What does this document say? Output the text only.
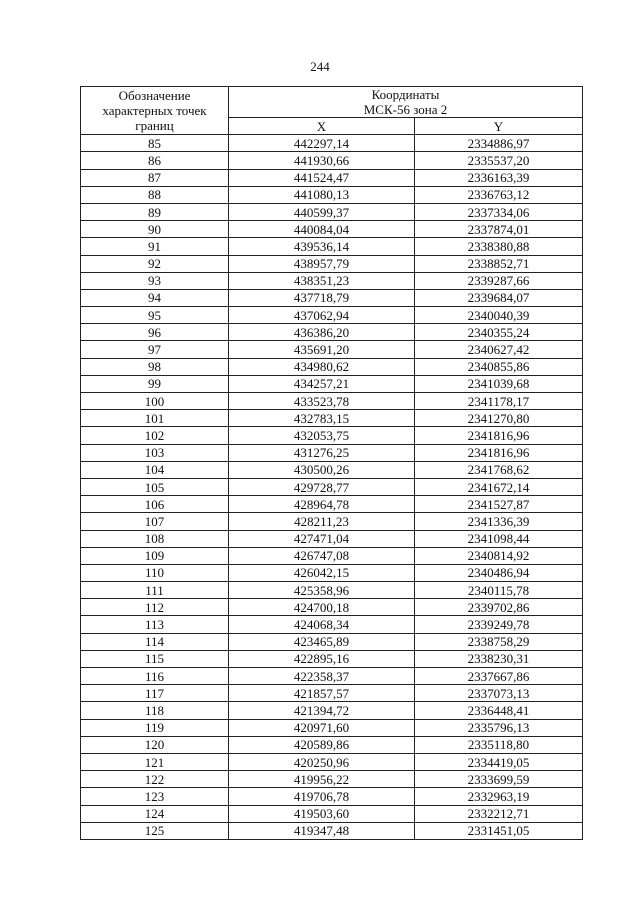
244
Обозначение
характерных точек
границ	Координаты
МСК-56 зона 2	

	X	Y
85	442297,14	2334886,97
86	441930,66	2335537,20
87	441524,47	2336163,39
88	441080,13	2336763,12
89	440599,37	2337334,06
90	440084,04	2337874,01
91	439536,14	2338380,88
92	438957,79	2338852,71
93	438351,23	2339287,66
94	437718,79	2339684,07
95	437062,94	2340040,39
96	436386,20	2340355,24
97	435691,20	2340627,42
98	434980,62	2340855,86
99	434257,21	2341039,68
100	433523,78	2341178,17
101	432783,15	2341270,80
102	432053,75	2341816,96
103	431276,25	2341816,96
104	430500,26	2341768,62
105	429728,77	2341672,14
106	428964,78	2341527,87
107	428211,23	2341336,39
108	427471,04	2341098,44
109	426747,08	2340814,92
110	426042,15	2340486,94
111	425358,96	2340115,78
112	424700,18	2339702,86
113	424068,34	2339249,78
114	423465,89	2338758,29
115	422895,16	2338230,31
116	422358,37	2337667,86
117	421857,57	2337073,13
118	421394,72	2336448,41
119	420971,60	2335796,13
120	420589,86	2335118,80
121	420250,96	2334419,05
122	419956,22	2333699,59
123	419706,78	2332963,19
124	419503,60	2332212,71
125	419347,48	2331451,05
